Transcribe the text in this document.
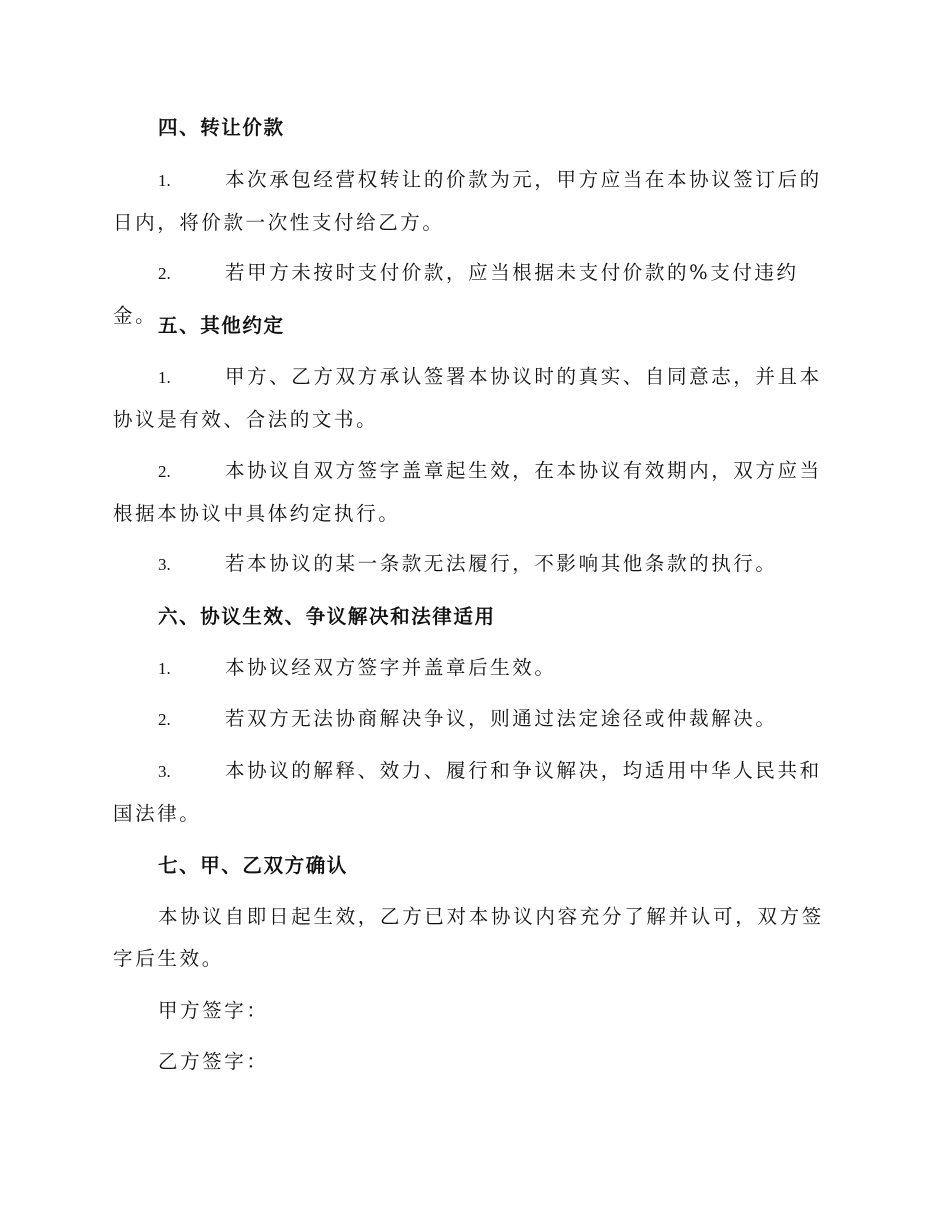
四、转让价款
1.	本次承包经营权转让的价款为元，甲方应当在本协议签订后的日内，将价款一次性支付给乙方。
2.	若甲方未按时支付价款，应当根据未支付价款的%支付违约金。 五、其他约定
1.	甲方、乙方双方承认签署本协议时的真实、自同意志，并且本协议是有效、合法的文书。
2.	本协议自双方签字盖章起生效，在本协议有效期内，双方应当根据本协议中具体约定执行。
3.	若本协议的某一条款无法履行，不影响其他条款的执行。
六、协议生效、争议解决和法律适用
1.	本协议经双方签字并盖章后生效。
2.	若双方无法协商解决争议，则通过法定途径或仲裁解决。
3.	本协议的解释、效力、履行和争议解决，均适用中华人民共和国法律。
七、甲、乙双方确认
本协议自即日起生效，乙方已对本协议内容充分了解并认可，双方签字后生效。
甲方签字：
乙方签字：
